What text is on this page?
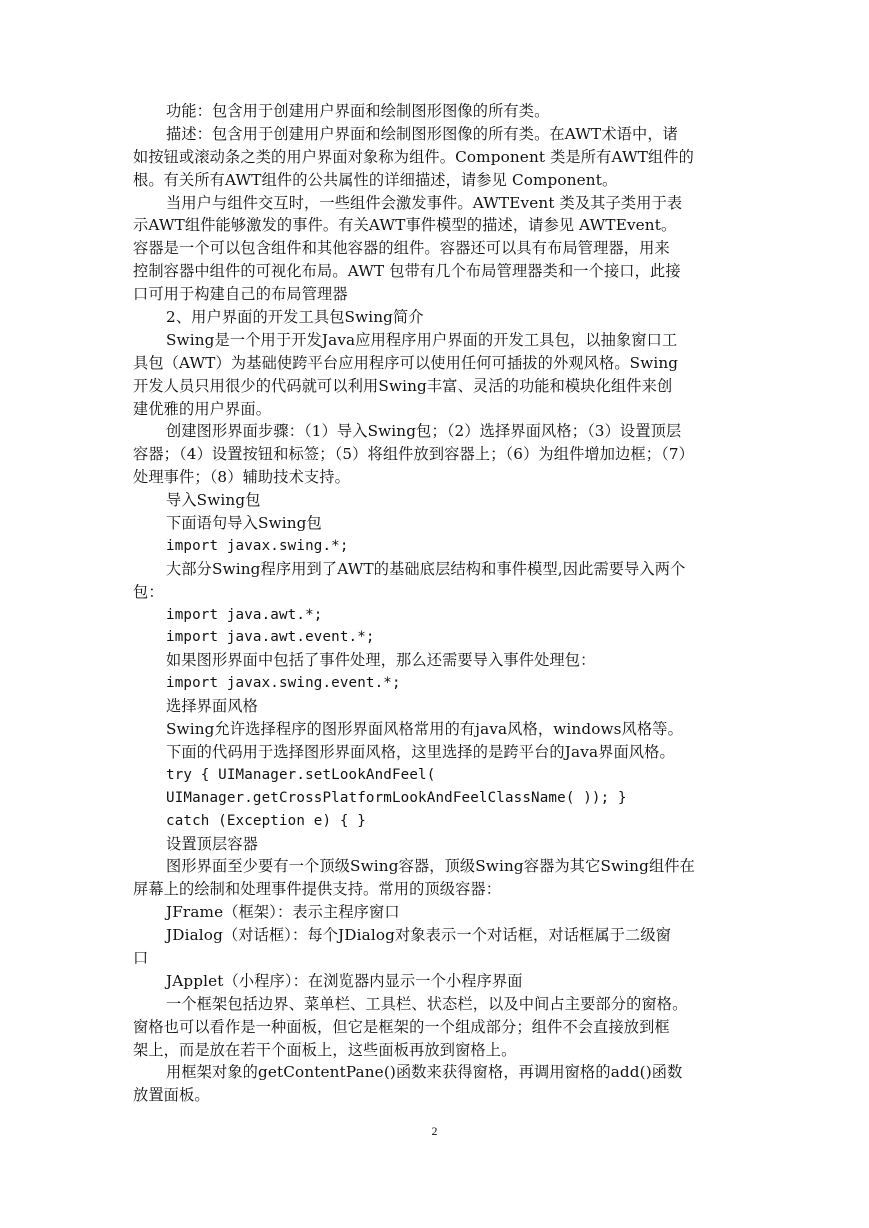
功能：包含用于创建用户界面和绘制图形图像的所有类。
描述：包含用于创建用户界面和绘制图形图像的所有类。在AWT术语中，诸
如按钮或滚动条之类的用户界面对象称为组件。Component 类是所有AWT组件的
根。有关所有AWT组件的公共属性的详细描述，请参见 Component。
当用户与组件交互时，一些组件会激发事件。AWTEvent 类及其子类用于表
示AWT组件能够激发的事件。有关AWT事件模型的描述，请参见 AWTEvent。
容器是一个可以包含组件和其他容器的组件。容器还可以具有布局管理器，用来
控制容器中组件的可视化布局。AWT 包带有几个布局管理器类和一个接口，此接
口可用于构建自己的布局管理器
2、用户界面的开发工具包Swing简介
Swing是一个用于开发Java应用程序用户界面的开发工具包，以抽象窗口工
具包（AWT）为基础使跨平台应用程序可以使用任何可插拔的外观风格。Swing
开发人员只用很少的代码就可以利用Swing丰富、灵活的功能和模块化组件来创
建优雅的用户界面。
创建图形界面步骤：（1）导入Swing包；（2）选择界面风格；（3）设置顶层
容器；（4）设置按钮和标签；（5）将组件放到容器上；（6）为组件增加边框；（7）
处理事件；（8）辅助技术支持。
导入Swing包
下面语句导入Swing包
import javax.swing.*;
大部分Swing程序用到了AWT的基础底层结构和事件模型,因此需要导入两个
包：
import java.awt.*;
import java.awt.event.*;
如果图形界面中包括了事件处理，那么还需要导入事件处理包：
import javax.swing.event.*;
选择界面风格
Swing允许选择程序的图形界面风格常用的有java风格，windows风格等。
下面的代码用于选择图形界面风格，这里选择的是跨平台的Java界面风格。
try { UIManager.setLookAndFeel(
UIManager.getCrossPlatformLookAndFeelClassName( )); }
catch (Exception e) { }
设置顶层容器
图形界面至少要有一个顶级Swing容器，顶级Swing容器为其它Swing组件在
屏幕上的绘制和处理事件提供支持。常用的顶级容器：
JFrame（框架）：表示主程序窗口
JDialog（对话框）：每个JDialog对象表示一个对话框，对话框属于二级窗
口
JApplet（小程序）：在浏览器内显示一个小程序界面
一个框架包括边界、菜单栏、工具栏、状态栏，以及中间占主要部分的窗格。
窗格也可以看作是一种面板，但它是框架的一个组成部分；组件不会直接放到框
架上，而是放在若干个面板上，这些面板再放到窗格上。
用框架对象的getContentPane()函数来获得窗格，再调用窗格的add()函数
放置面板。
2
